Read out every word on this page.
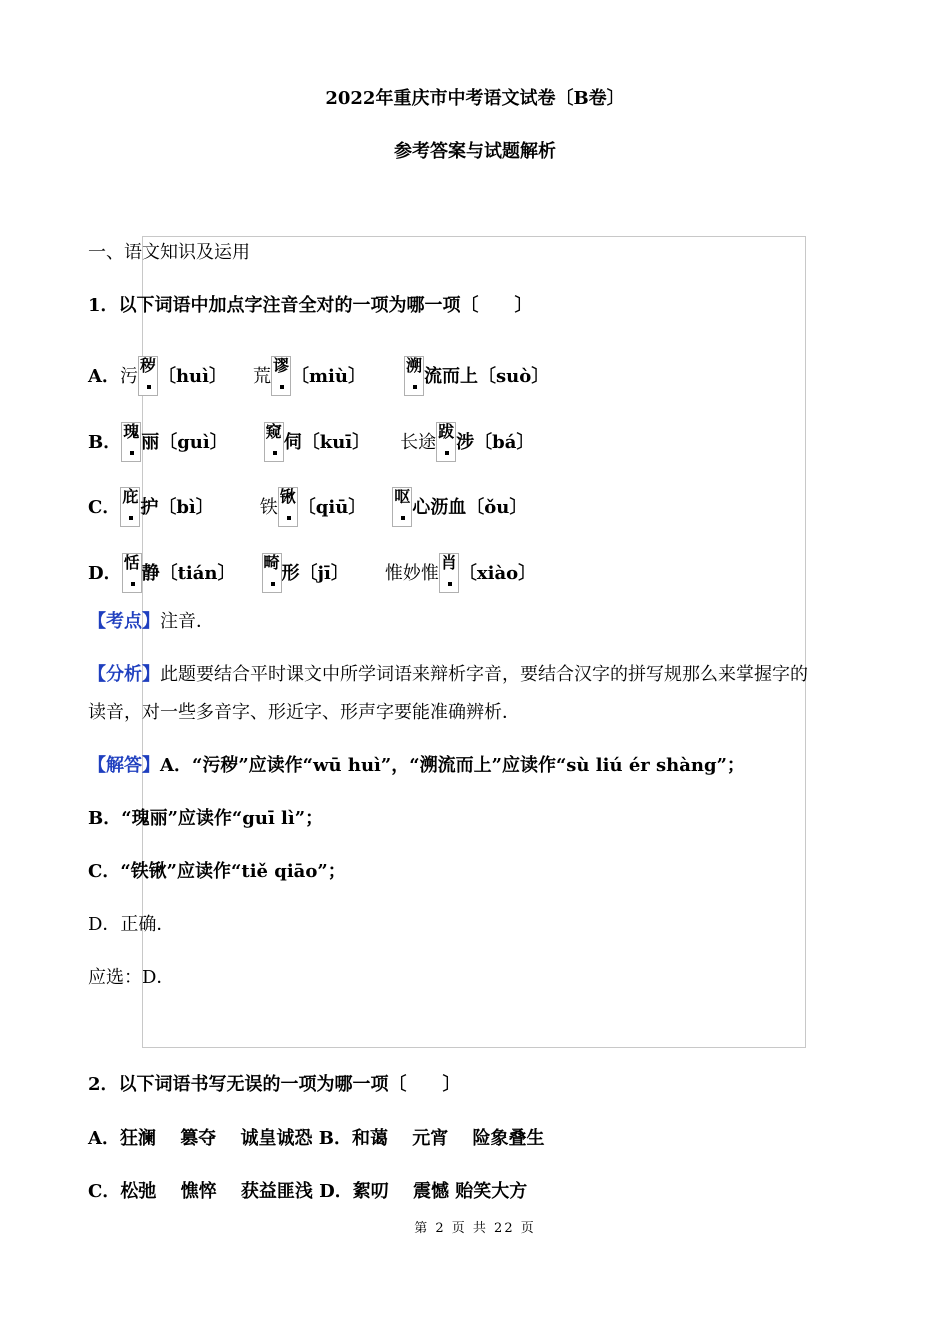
2022年重庆市中考语文试卷〔B卷〕
参考答案与试题解析
一、语文知识及运用
1．以下词语中加点字注音全对的一项为哪一项〔　　〕
A．污
秽
〔huì〕 荒
谬
〔miù〕
溯
流而上〔suò〕
B．
瑰
丽〔guì〕
窥
伺〔kuī〕 长途
跋
涉〔bá〕
C．
庇
护〔bì〕	铁
锹
〔qiū〕
呕
心沥血〔ǒu〕
D．
恬
静〔tián〕
畸
形〔jī〕 惟妙惟
肖
〔xiào〕
【考点】注音．
【分析】此题要结合平时课文中所学词语来辩析字音，要结合汉字的拼写规那么来掌握字的
读音，对一些多音字、形近字、形声字要能准确辨析．
【解答】A．“污秽”应读作“wū huì”，“溯流而上”应读作“sù liú ér shàng”；
B．“瑰丽”应读作“guī lì”；
C．“铁锹”应读作“tiě qiāo”；
D．正确．
应选：D．
2．以下词语书写无误的一项为哪一项〔　　〕
A．狂澜　 篡夺　 诚皇诚恐 B．和蔼　 元宵　 险象叠生
C．松弛　 憔悴　 获益匪浅 D．絮叨　 震憾 贻笑大方
第 2 页 共 22 页
